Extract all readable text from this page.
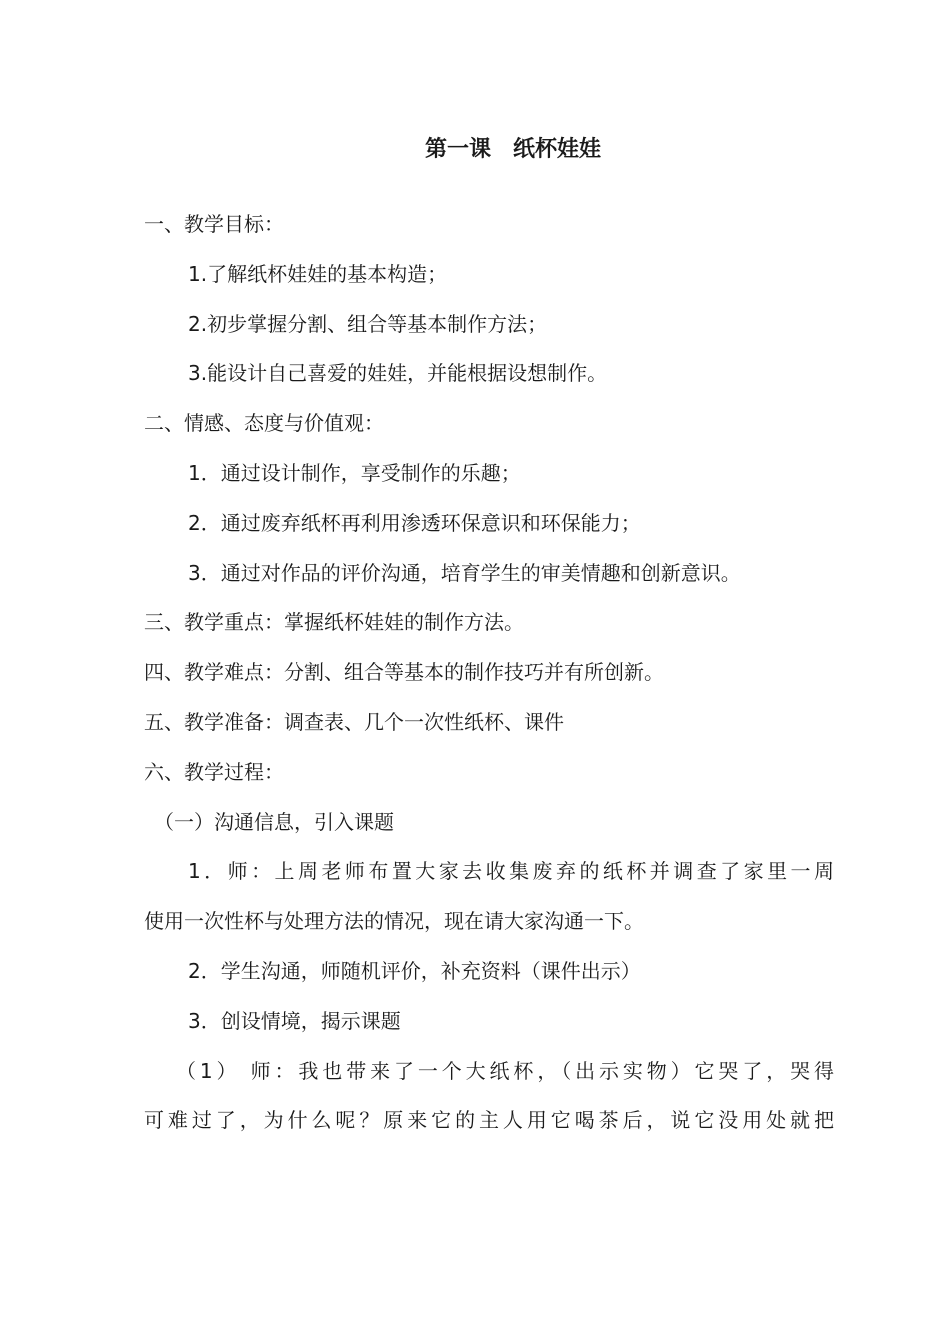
第一课　纸杯娃娃
一、教学目标：
1.了解纸杯娃娃的基本构造；
2.初步掌握分割、组合等基本制作方法；
3.能设计自己喜爱的娃娃，并能根据设想制作。
二、情感、态度与价值观：
1．通过设计制作，享受制作的乐趣；
2．通过废弃纸杯再利用渗透环保意识和环保能力；
3．通过对作品的评价沟通，培育学生的审美情趣和创新意识。
三、教学重点：掌握纸杯娃娃的制作方法。
四、教学难点：分割、组合等基本的制作技巧并有所创新。
五、教学准备：调查表、几个一次性纸杯、课件
六、教学过程：
（一）沟通信息，引入课题
1．师：上周老师布置大家去收集废弃的纸杯并调查了家里一周
使用一次性杯与处理方法的情况，现在请大家沟通一下。
2．学生沟通，师随机评价，补充资料（课件出示）
3．创设情境，揭示课题
（1） 师：我也带来了一个大纸杯，（出示实物）它哭了，哭得
可难过了，为什么呢？原来它的主人用它喝茶后，说它没用处就把
